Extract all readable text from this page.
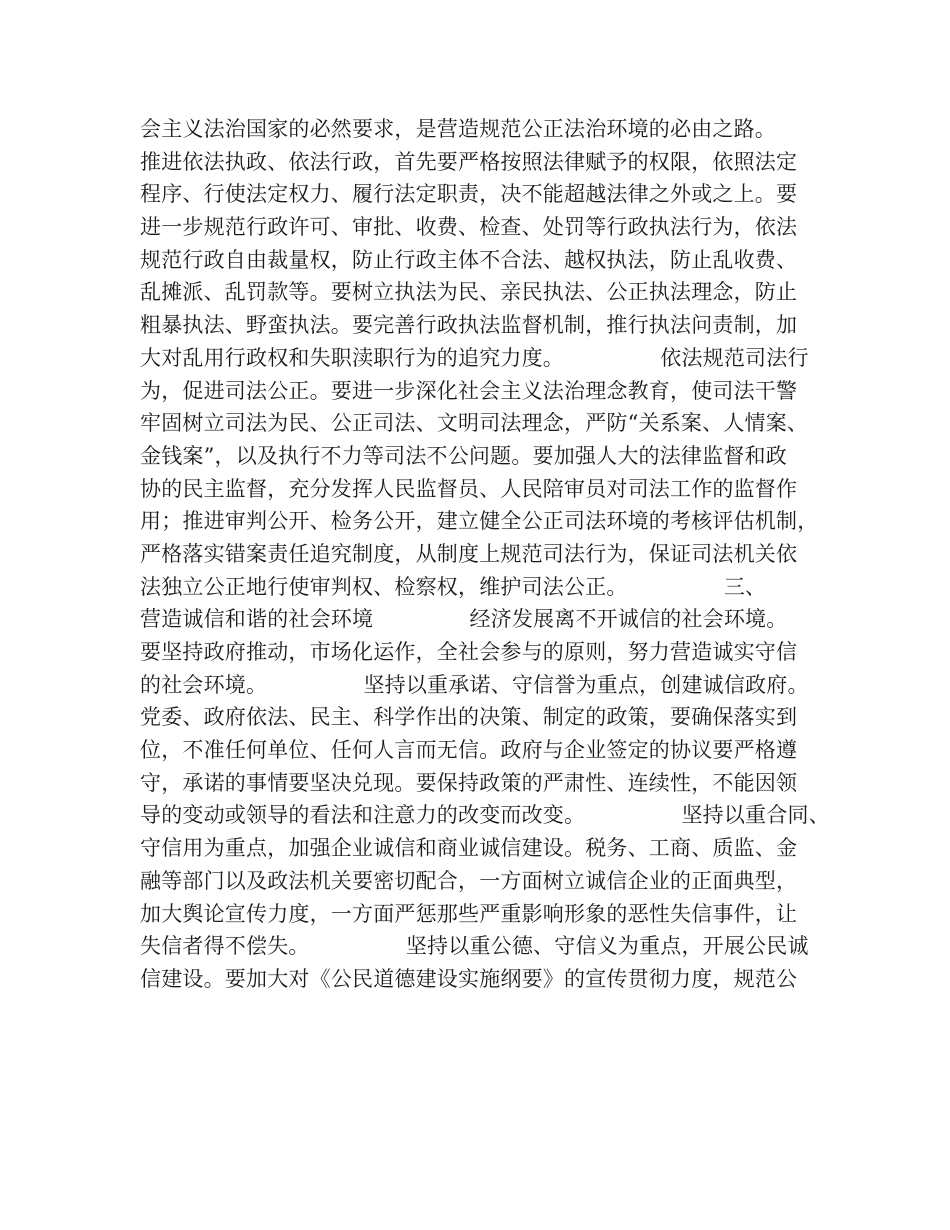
会主义法治国家的必然要求，是营造规范公正法治环境的必由之路。
推进依法执政、依法行政，首先要严格按照法律赋予的权限，依照法定
程序、行使法定权力、履行法定职责，决不能超越法律之外或之上。要
进一步规范行政许可、审批、收费、检查、处罚等行政执法行为，依法
规范行政自由裁量权，防止行政主体不合法、越权执法，防止乱收费、
乱摊派、乱罚款等。要树立执法为民、亲民执法、公正执法理念，防止
粗暴执法、野蛮执法。要完善行政执法监督机制，推行执法问责制，加
大对乱用行政权和失职渎职行为的追究力度。              依法规范司法行
为，促进司法公正。要进一步深化社会主义法治理念教育，使司法干警
牢固树立司法为民、公正司法、文明司法理念，严防“关系案、人情案、
金钱案”，以及执行不力等司法不公问题。要加强人大的法律监督和政
协的民主监督，充分发挥人民监督员、人民陪审员对司法工作的监督作
用；推进审判公开、检务公开，建立健全公正司法环境的考核评估机制，
严格落实错案责任追究制度，从制度上规范司法行为，保证司法机关依
法独立公正地行使审判权、检察权，维护司法公正。              三、
营造诚信和谐的社会环境              经济发展离不开诚信的社会环境。
要坚持政府推动，市场化运作，全社会参与的原则，努力营造诚实守信
的社会环境。              坚持以重承诺、守信誉为重点，创建诚信政府。
党委、政府依法、民主、科学作出的决策、制定的政策，要确保落实到
位，不准任何单位、任何人言而无信。政府与企业签定的协议要严格遵
守，承诺的事情要坚决兑现。要保持政策的严肃性、连续性，不能因领
导的变动或领导的看法和注意力的改变而改变。              坚持以重合同、
守信用为重点，加强企业诚信和商业诚信建设。税务、工商、质监、金
融等部门以及政法机关要密切配合，一方面树立诚信企业的正面典型，
加大舆论宣传力度，一方面严惩那些严重影响形象的恶性失信事件，让
失信者得不偿失。              坚持以重公德、守信义为重点，开展公民诚
信建设。要加大对《公民道德建设实施纲要》的宣传贯彻力度，规范公
